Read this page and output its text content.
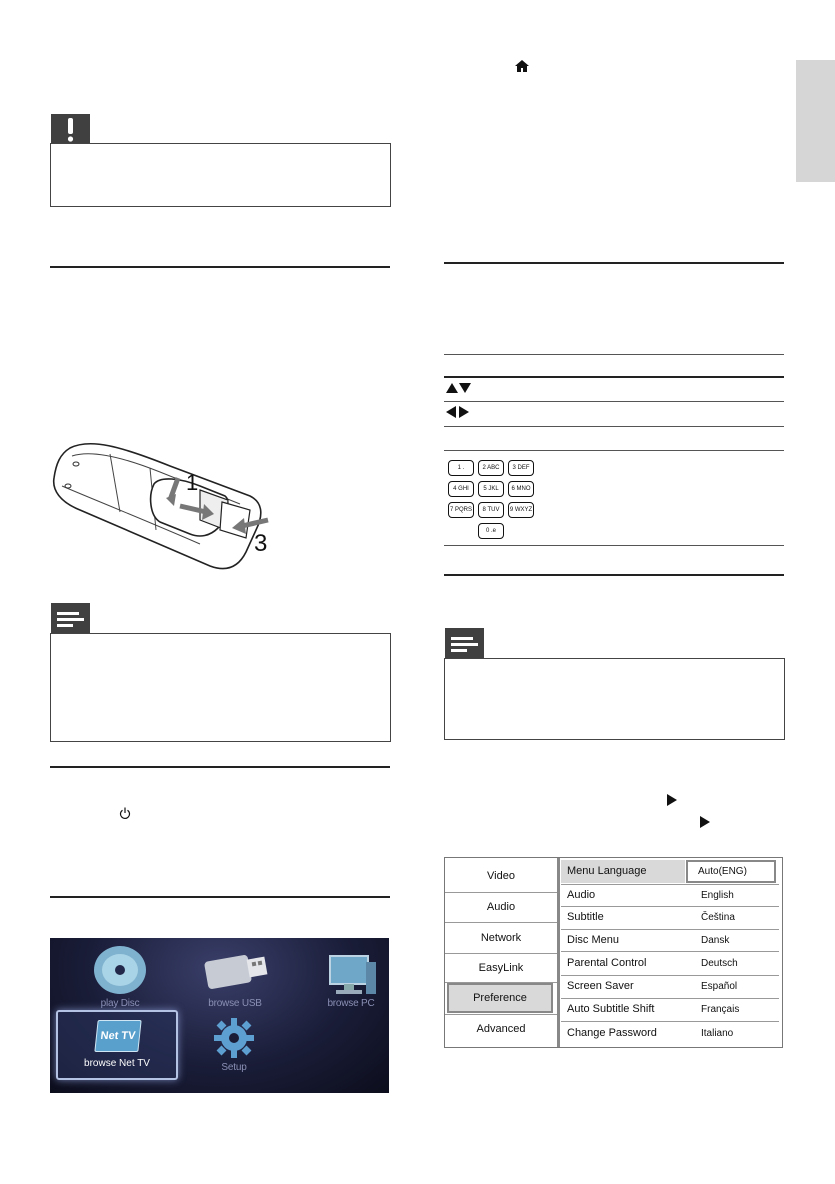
1
3
play Disc	browse USB	browse PC
Net TV
browse Net TV	Setup
1 .	2 ABC	3 DEF
4 GHI	5 JKL	6 MNO
7 PQRS	8 TUV	9 WXYZ
0 .e
Video
Audio
Network
EasyLink
Preference
Advanced
Menu Language	Auto(ENG)
Audio	English
Subtitle	Čeština
Disc Menu	Dansk
Parental Control	Deutsch
Screen Saver	Español
Auto Subtitle Shift	Français
Change Password	Italiano
